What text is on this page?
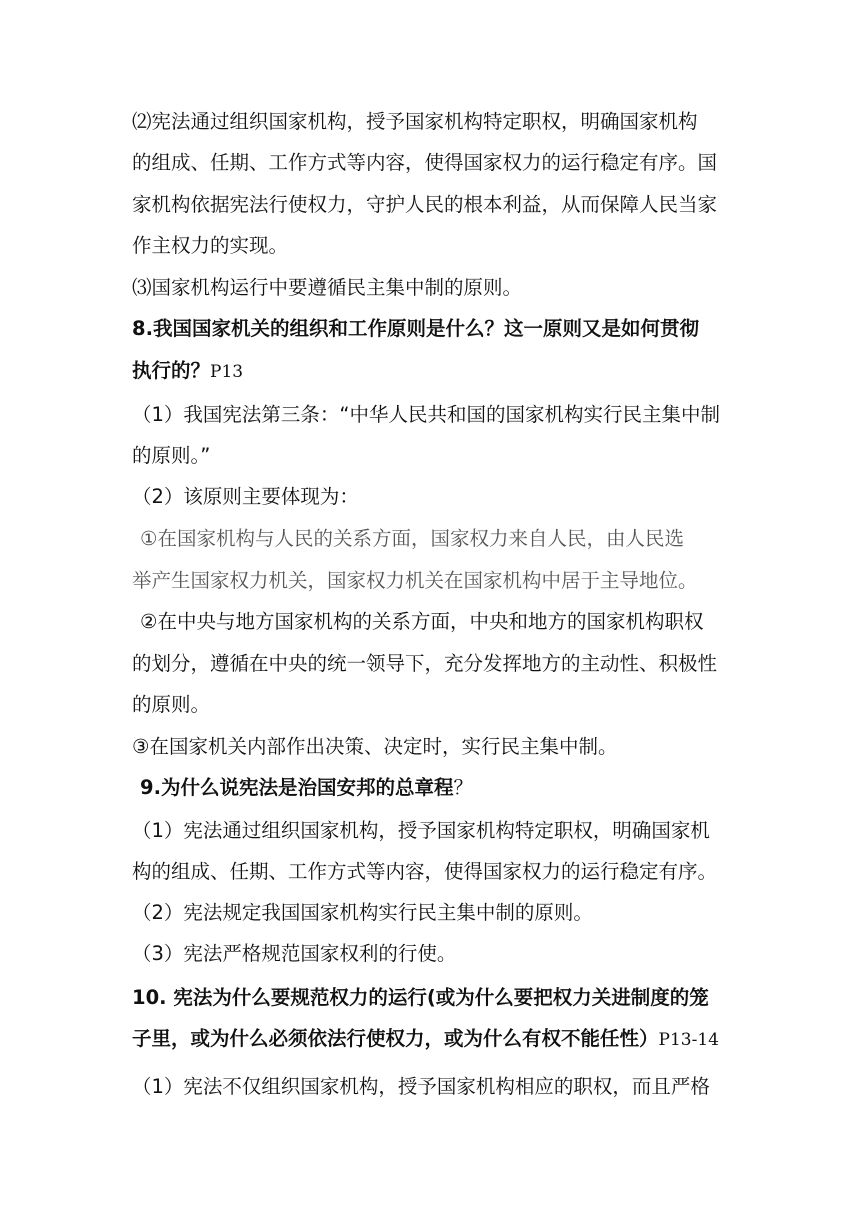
⑵宪法通过组织国家机构，授予国家机构特定职权，明确国家机构
的组成、任期、工作方式等内容，使得国家权力的运行稳定有序。国
家机构依据宪法行使权力，守护人民的根本利益，从而保障人民当家
作主权力的实现。
⑶国家机构运行中要遵循民主集中制的原则。
8.我国国家机关的组织和工作原则是什么？这一原则又是如何贯彻
执行的？P13
（1）我国宪法第三条：“中华人民共和国的国家机构实行民主集中制
的原则。”
（2）该原则主要体现为：
①在国家机构与人民的关系方面，国家权力来自人民，由人民选
举产生国家权力机关，国家权力机关在国家机构中居于主导地位。
②在中央与地方国家机构的关系方面，中央和地方的国家机构职权
的划分，遵循在中央的统一领导下，充分发挥地方的主动性、积极性
的原则。
③在国家机关内部作出决策、决定时，实行民主集中制。
9.为什么说宪法是治国安邦的总章程？
（1）宪法通过组织国家机构，授予国家机构特定职权，明确国家机
构的组成、任期、工作方式等内容，使得国家权力的运行稳定有序。
（2）宪法规定我国国家机构实行民主集中制的原则。
（3）宪法严格规范国家权利的行使。
10. 宪法为什么要规范权力的运行(或为什么要把权力关进制度的笼
子里，或为什么必须依法行使权力，或为什么有权不能任性）P13-14
（1）宪法不仅组织国家机构，授予国家机构相应的职权，而且严格
